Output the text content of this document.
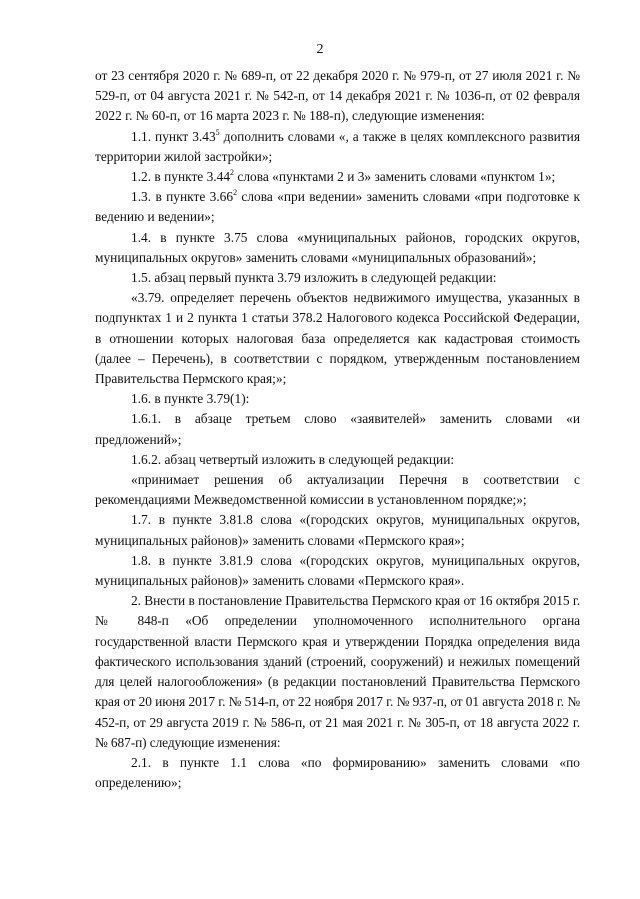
2

от 23 сентября 2020 г. № 689-п, от 22 декабря 2020 г. № 979-п, от 27 июля 2021 г. № 529-п, от 04 августа 2021 г. № 542-п, от 14 декабря 2021 г. № 1036-п, от 02 февраля 2022 г. № 60-п, от 16 марта 2023 г. № 188-п), следующие изменения:

1.1. пункт 3.43$^5$ дополнить словами «, а также в целях комплексного развития территории жилой застройки»;

1.2. в пункте 3.44$^2$ слова «пунктами 2 и 3» заменить словами «пунктом 1»;

1.3. в пункте 3.66$^2$ слова «при ведении» заменить словами «при подготовке к ведению и ведении»;

1.4. в пункте 3.75 слова «муниципальных районов, городских округов, муниципальных округов» заменить словами «муниципальных образований»;

1.5. абзац первый пункта 3.79 изложить в следующей редакции:

«3.79. определяет перечень объектов недвижимого имущества, указанных в подпунктах 1 и 2 пункта 1 статьи 378.2 Налогового кодекса Российской Федерации, в отношении которых налоговая база определяется как кадастровая стоимость (далее – Перечень), в соответствии с порядком, утвержденным постановлением Правительства Пермского края;»;

1.6. в пункте 3.79(1):

1.6.1. в абзаце третьем слово «заявителей» заменить словами «и предложений»;

1.6.2. абзац четвертый изложить в следующей редакции:

«принимает решения об актуализации Перечня в соответствии с рекомендациями Межведомственной комиссии в установленном порядке;»;

1.7. в пункте 3.81.8 слова «(городских округов, муниципальных округов, муниципальных районов)» заменить словами «Пермского края»;

1.8. в пункте 3.81.9 слова «(городских округов, муниципальных округов, муниципальных районов)» заменить словами «Пермского края».

2. Внести в постановление Правительства Пермского края от 16 октября 2015 г. № 848-п «Об определении уполномоченного исполнительного органа государственной власти Пермского края и утверждении Порядка определения вида фактического использования зданий (строений, сооружений) и нежилых помещений для целей налогообложения» (в редакции постановлений Правительства Пермского края от 20 июня 2017 г. № 514-п, от 22 ноября 2017 г. № 937-п, от 01 августа 2018 г. № 452-п, от 29 августа 2019 г. № 586-п, от 21 мая 2021 г. № 305-п, от 18 августа 2022 г. № 687-п) следующие изменения:

2.1. в пункте 1.1 слова «по формированию» заменить словами «по определению»;
